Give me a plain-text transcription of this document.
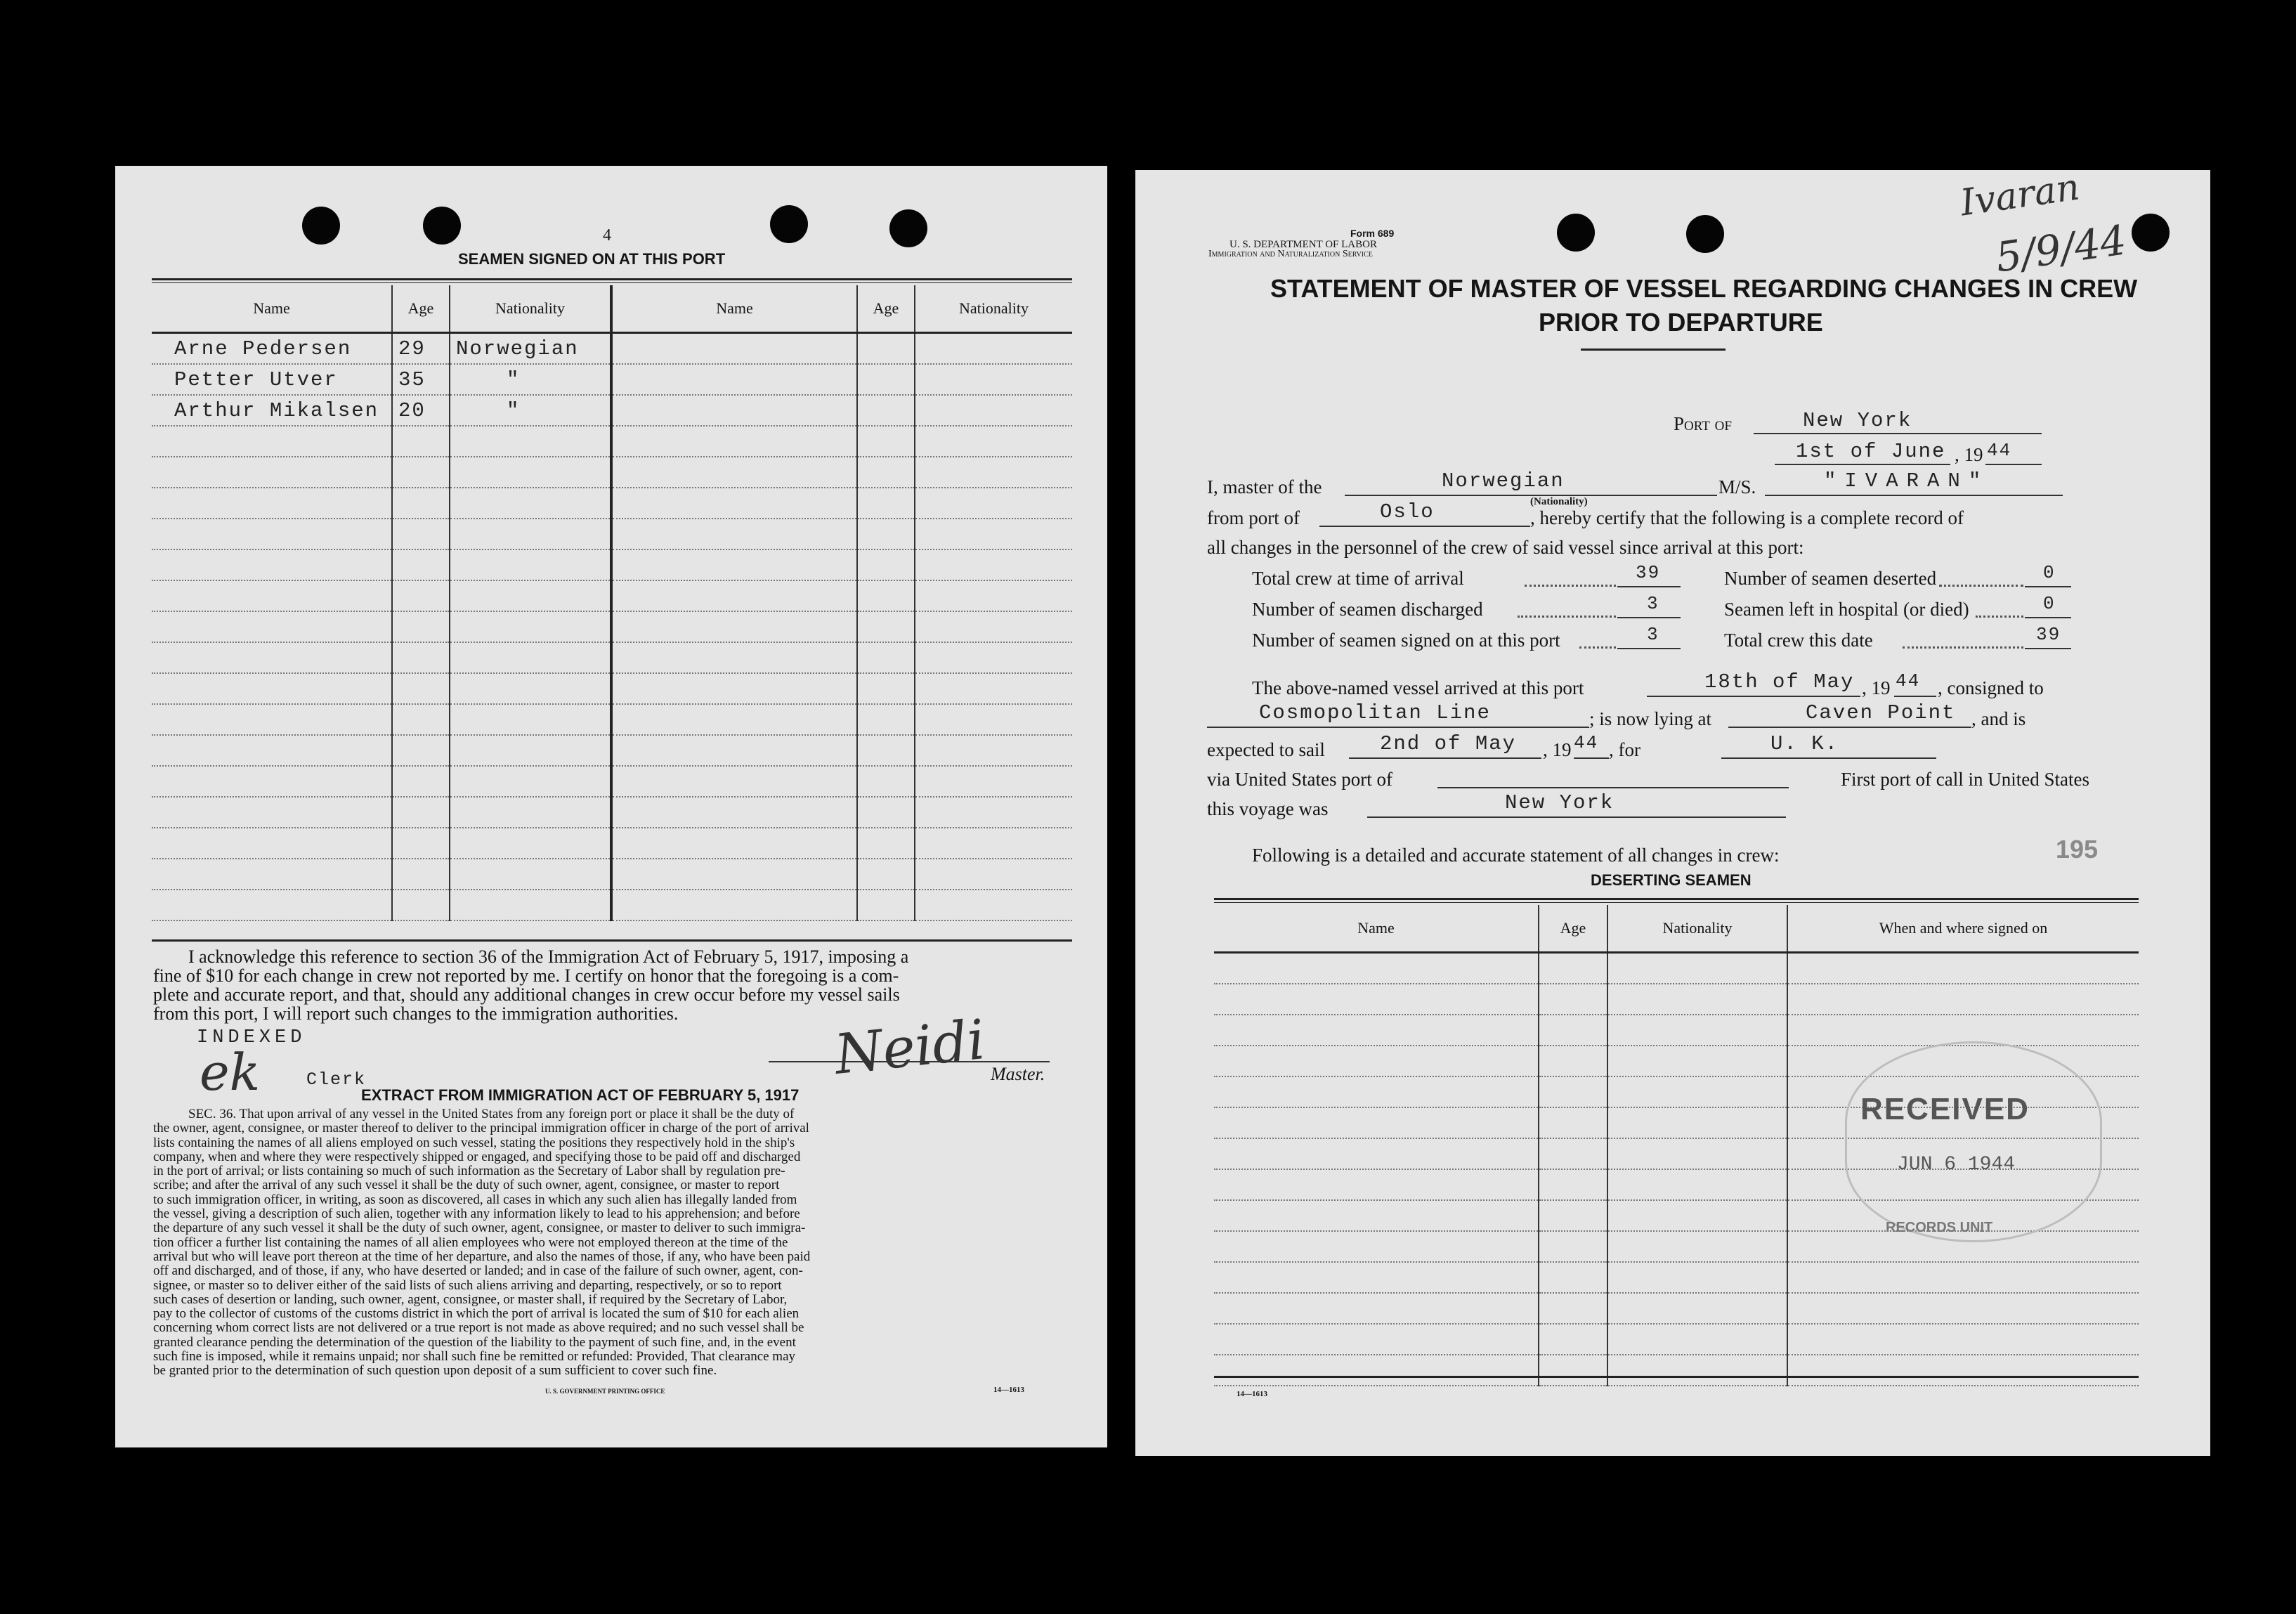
4
SEAMEN SIGNED ON AT THIS PORT
Name	Age	Nationality	Name	Age	Nationality
Arne Pedersen	29	Norwegian			
Petter Utver	35	"			
Arthur Mikalsen	20	"			

I acknowledge this reference to section 36 of the Immigration Act of February 5, 1917, imposing a
fine of $10 for each change in crew not reported by me. I certify on honor that the foregoing is a com-
plete and accurate report, and that, should any additional changes in crew occur before my vessel sails
from this port, I will report such changes to the immigration authorities.
INDEXED
ek	Clerk	Neidi Master.
EXTRACT FROM IMMIGRATION ACT OF FEBRUARY 5, 1917
SEC. 36. That upon arrival of any vessel in the United States from any foreign port or place it shall be the duty of
the owner, agent, consignee, or master thereof to deliver to the principal immigration officer in charge of the port of arrival
lists containing the names of all aliens employed on such vessel, stating the positions they respectively hold in the ship's
company, when and where they were respectively shipped or engaged, and specifying those to be paid off and discharged
in the port of arrival; or lists containing so much of such information as the Secretary of Labor shall by regulation pre-
scribe; and after the arrival of any such vessel it shall be the duty of such owner, agent, consignee, or master to report
to such immigration officer, in writing, as soon as discovered, all cases in which any such alien has illegally landed from
the vessel, giving a description of such alien, together with any information likely to lead to his apprehension; and before
the departure of any such vessel it shall be the duty of such owner, agent, consignee, or master to deliver to such immigra-
tion officer a further list containing the names of all alien employees who were not employed thereon at the time of the
arrival but who will leave port thereon at the time of her departure, and also the names of those, if any, who have been paid
off and discharged, and of those, if any, who have deserted or landed; and in case of the failure of such owner, agent, con-
signee, or master so to deliver either of the said lists of such aliens arriving and departing, respectively, or so to report
such cases of desertion or landing, such owner, agent, consignee, or master shall, if required by the Secretary of Labor,
pay to the collector of customs of the customs district in which the port of arrival is located the sum of $10 for each alien
concerning whom correct lists are not delivered or a true report is not made as above required; and no such vessel shall be
granted clearance pending the determination of the question of the liability to the payment of such fine, and, in the event
such fine is imposed, while it remains unpaid; nor shall such fine be remitted or refunded: Provided, That clearance may
be granted prior to the determination of such question upon deposit of a sum sufficient to cover such fine.
U. S. GOVERNMENT PRINTING OFFICE	14—1613
Ivaran
5/9/44
Form 689
U. S. DEPARTMENT OF LABOR
Immigration and Naturalization Service
STATEMENT OF MASTER OF VESSEL REGARDING CHANGES IN CREW
PRIOR TO DEPARTURE
Port of	New York
1st of June , 19 44
I, master of the	Norwegian
(Nationality)
M/S.	"IVARAN"
from port of	Oslo	, hereby certify that the following is a complete record of
all changes in the personnel of the crew of said vessel since arrival at this port:
Total crew at time of arrival	39	Number of seamen deserted	0
Number of seamen discharged	3	Seamen left in hospital (or died)	0
Number of seamen signed on at this port	3	Total crew this date	39
The above-named vessel arrived at this port	18th of May , 19 44 , consigned to
Cosmopolitan Line	; is now lying at	Caven Point , and is
expected to sail	2nd of May , 19 44 , for	U. K.
via United States port of	First port of call in United States
this voyage was	New York
Following is a detailed and accurate statement of all changes in crew:	195
DESERTING SEAMEN
Name	Age	Nationality	When and where signed on

RECEIVED
JUN 6 1944
RECORDS UNIT
14—1613
